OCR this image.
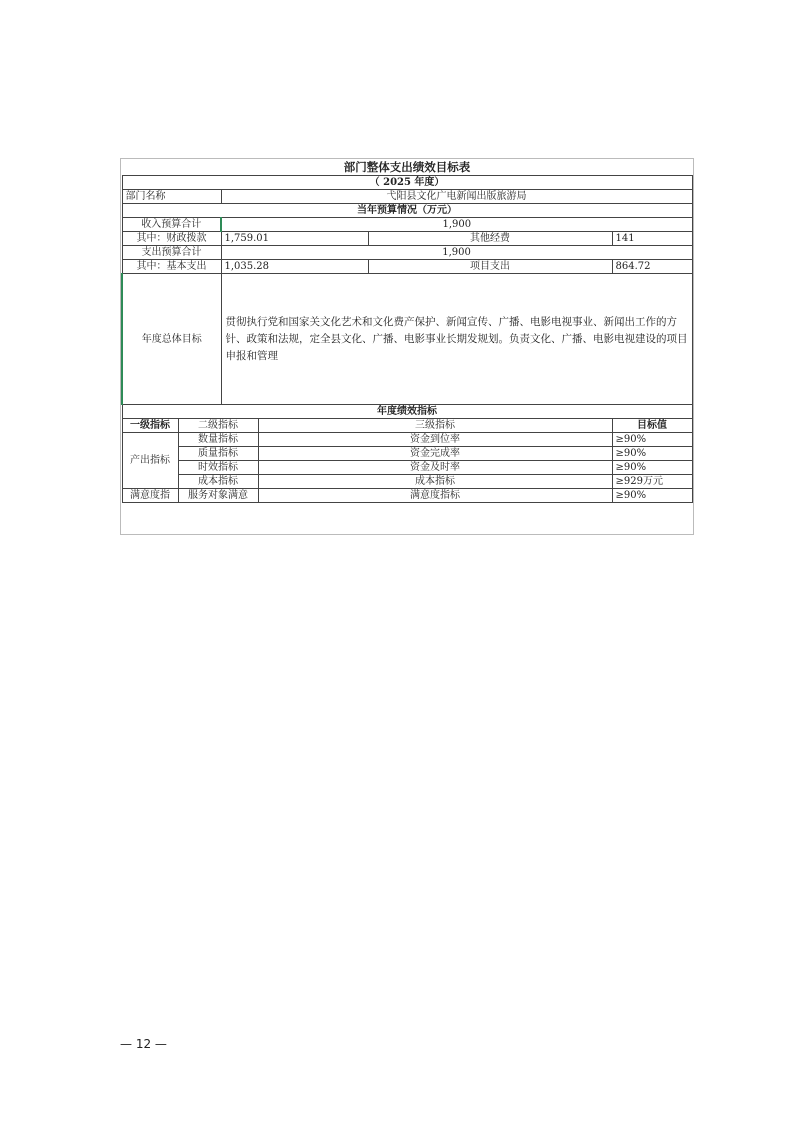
部门整体支出绩效目标表					
（ 2025 年度）					
部门名称		弋阳县文化广电新闻出版旅游局			
当年预算情况（万元）					
收入预算合计		1,900			
其中：财政拨款		1,759.01		其他经费	141
支出预算合计		1,900			
其中：基本支出		1,035.28		项目支出	864.72
年度总体目标		贯彻执行党和国家关文化艺术和文化费产保护、新闻宣传、广播、电影电视事业、新闻出工作的方针、政策和法规，定全县文化、广播、电影事业长期发规划。负责文化、广播、电影电视建设的项目申报和管理			
年度绩效指标					
一级指标	二级指标		三级指标		目标值
产出指标	数量指标		资金到位率		≥90%
	质量指标		资金完成率		≥90%
	时效指标		资金及时率		≥90%
	成本指标		成本指标		≥929万元
满意度指	服务对象满意		满意度指标		≥90%
— 12 —
